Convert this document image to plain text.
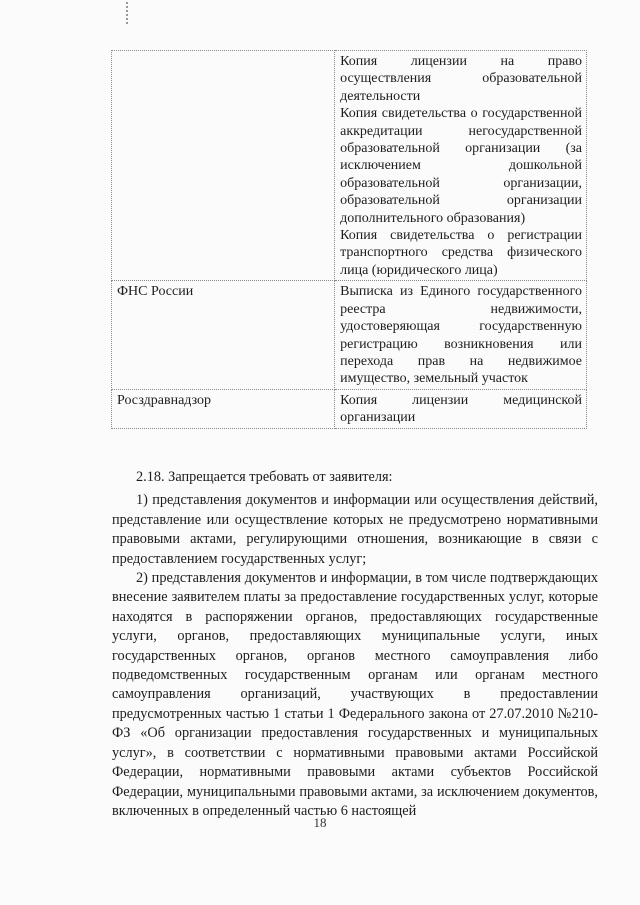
	Копия лицензии на право осуществления образовательной деятельности
Копия свидетельства о государственной аккредитации негосударственной образовательной организации (за исключением дошкольной образовательной организации, образовательной организации дополнительного образования)
Копия свидетельства о регистрации транспортного средства физического лица (юридического лица)

ФНС России	Выписка из Единого государственного реестра недвижимости, удостоверяющая государственную регистрацию возникновения или перехода прав на недвижимое имущество, земельный участок

Росздравнадзор	Копия лицензии медицинской организации

2.18. Запрещается требовать от заявителя:

1) представления документов и информации или осуществления действий, представление или осуществление которых не предусмотрено нормативными правовыми актами, регулирующими отношения, возникающие в связи с предоставлением государственных услуг;

2) представления документов и информации, в том числе подтверждающих внесение заявителем платы за предоставление государственных услуг, которые находятся в распоряжении органов, предоставляющих государственные услуги, органов, предоставляющих муниципальные услуги, иных государственных органов, органов местного самоуправления либо подведомственных государственным органам или органам местного самоуправления организаций, участвующих в предоставлении предусмотренных частью 1 статьи 1 Федерального закона от 27.07.2010 №210-ФЗ «Об организации предоставления государственных и муниципальных услуг», в соответствии с нормативными правовыми актами Российской Федерации, нормативными правовыми актами субъектов Российской Федерации, муниципальными правовыми актами, за исключением документов, включенных в определенный частью 6 настоящей

18
